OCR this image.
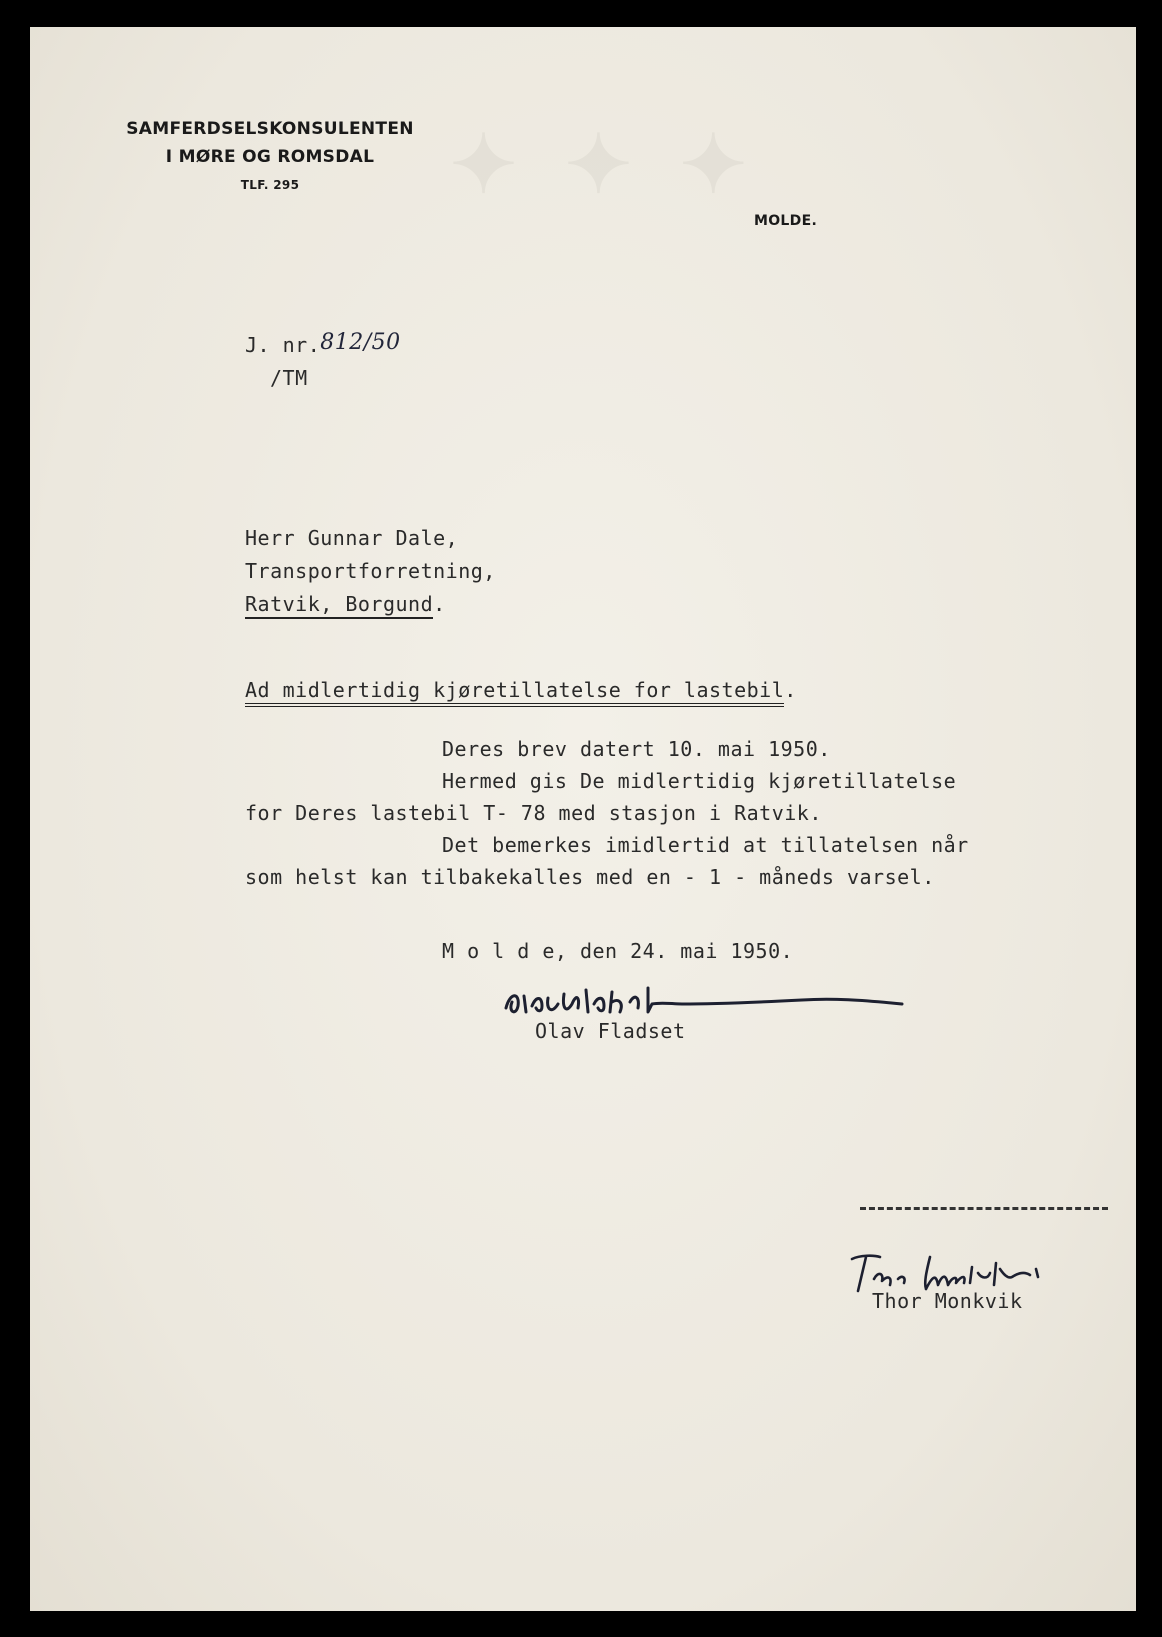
✦ ✦ ✦
SAMFERDSELSKONSULENTEN
I MØRE OG ROMSDAL
TLF. 295
MOLDE.
J. nr.812/50
/TM
Herr Gunnar Dale,
Transportforretning,
Ratvik, Borgund.
Ad midlertidig kjøretillatelse for lastebil.
Deres brev datert 10. mai 1950.
Hermed gis De midlertidig kjøretillatelse
for Deres lastebil T- 78 med stasjon i Ratvik.
Det bemerkes imidlertid at tillatelsen når
som helst kan tilbakekalles med en - 1 - måneds varsel.
M o l d e, den 24. mai 1950.
Olav Fladset
Thor Monkvik
